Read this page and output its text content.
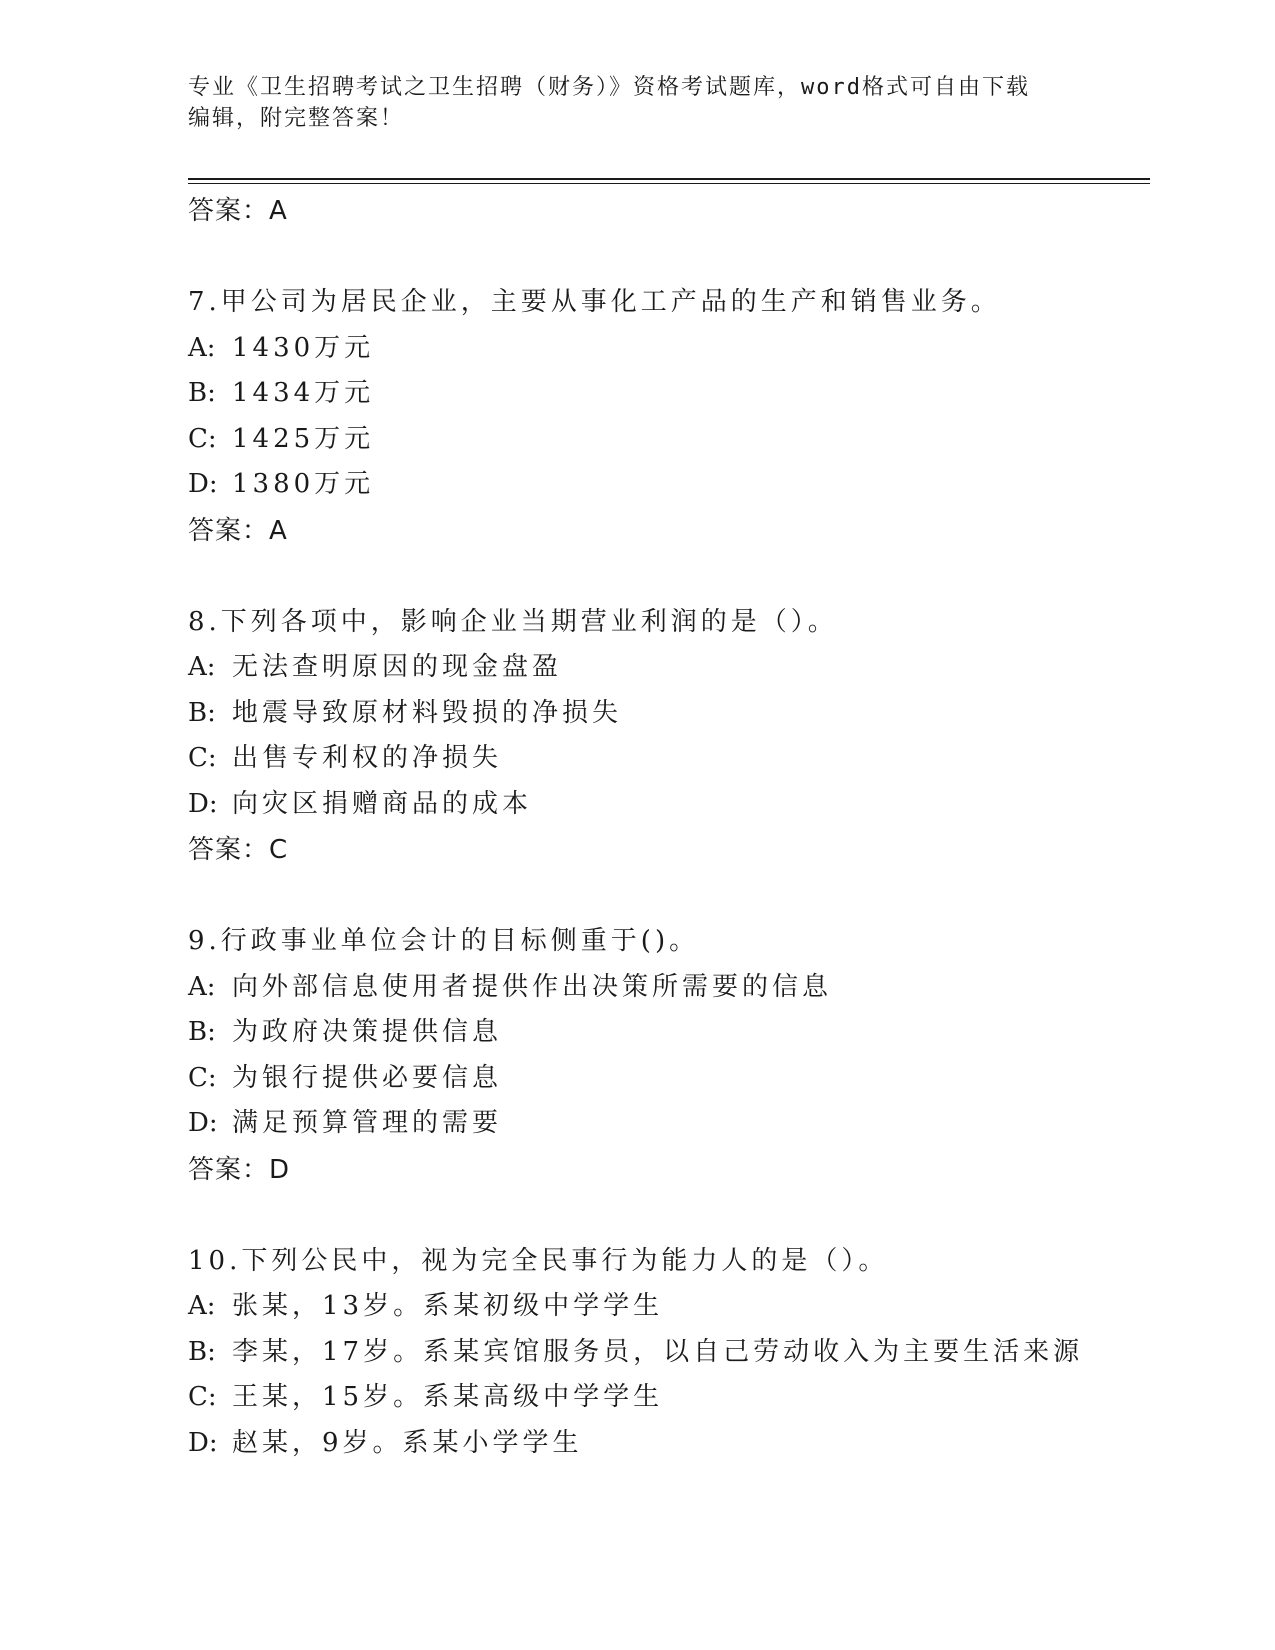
专业《卫生招聘考试之卫生招聘（财务）》资格考试题库，word格式可自由下载
编辑，附完整答案！
答案：A
7.甲公司为居民企业，主要从事化工产品的生产和销售业务。
A: 1430万元
B: 1434万元
C: 1425万元
D: 1380万元
答案：A
8.下列各项中，影响企业当期营业利润的是（）。
A: 无法查明原因的现金盘盈
B: 地震导致原材料毁损的净损失
C: 出售专利权的净损失
D: 向灾区捐赠商品的成本
答案：C
9.行政事业单位会计的目标侧重于()。
A: 向外部信息使用者提供作出决策所需要的信息
B: 为政府决策提供信息
C: 为银行提供必要信息
D: 满足预算管理的需要
答案：D
10.下列公民中，视为完全民事行为能力人的是（）。
A: 张某，13岁。系某初级中学学生
B: 李某，17岁。系某宾馆服务员，以自己劳动收入为主要生活来源
C: 王某，15岁。系某高级中学学生
D: 赵某，9岁。系某小学学生
